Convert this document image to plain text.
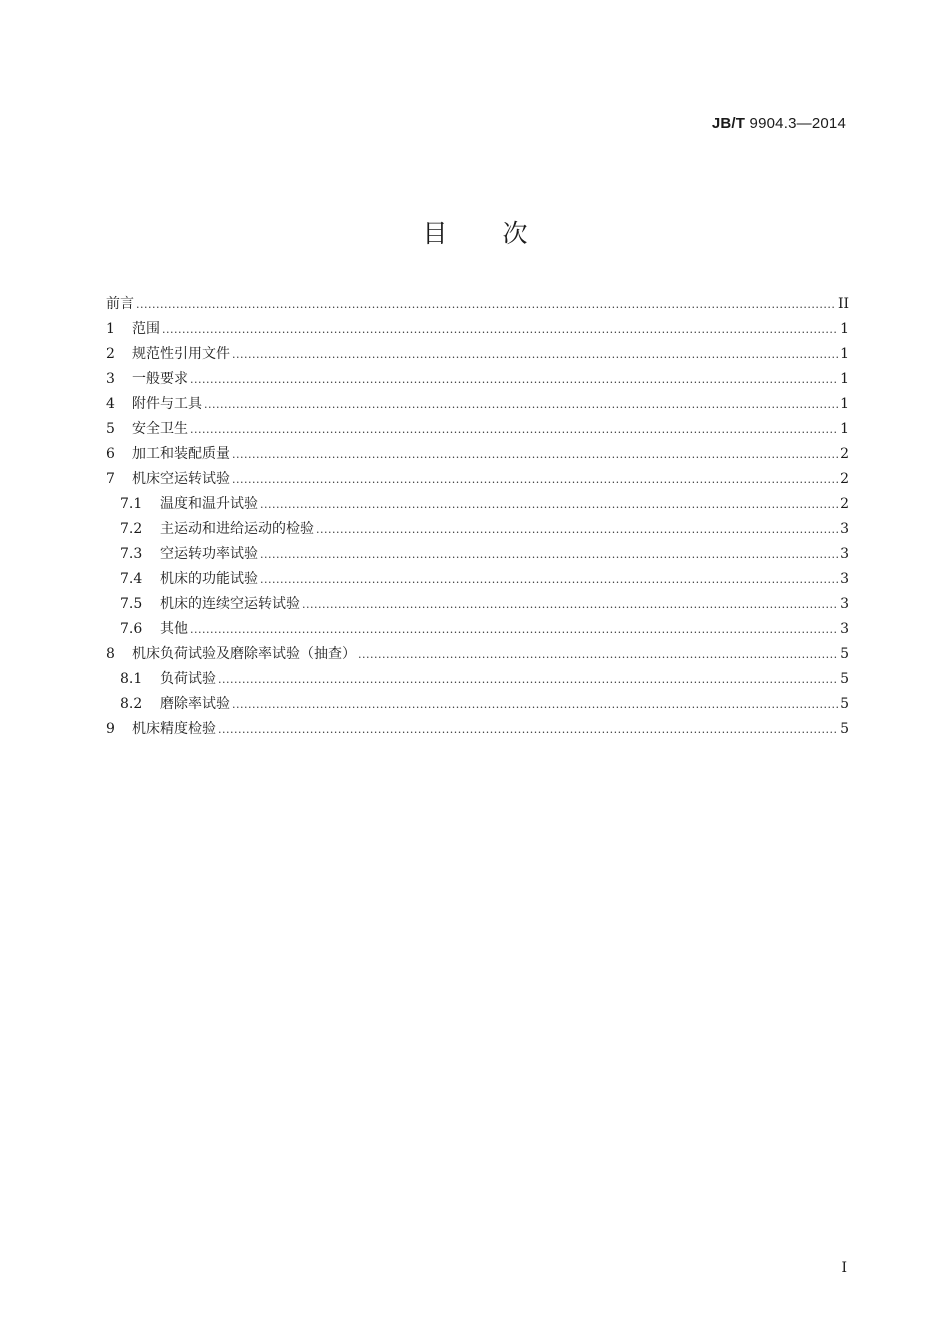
JB/T 9904.3—2014
目次
前言 .....	II
1	范围 .....	1
2	规范性引用文件 .....	1
3	一般要求 .....	1
4	附件与工具 .....	1
5	安全卫生 .....	1
6	加工和装配质量 .....	2
7	机床空运转试验 .....	2
7.1	温度和温升试验 .....	2
7.2	主运动和进给运动的检验 .....	3
7.3	空运转功率试验 .....	3
7.4	机床的功能试验 .....	3
7.5	机床的连续空运转试验 .....	3
7.6	其他 .....	3
8	机床负荷试验及磨除率试验（抽查） .....	5
8.1	负荷试验 .....	5
8.2	磨除率试验 .....	5
9	机床精度检验 .....	5
I
